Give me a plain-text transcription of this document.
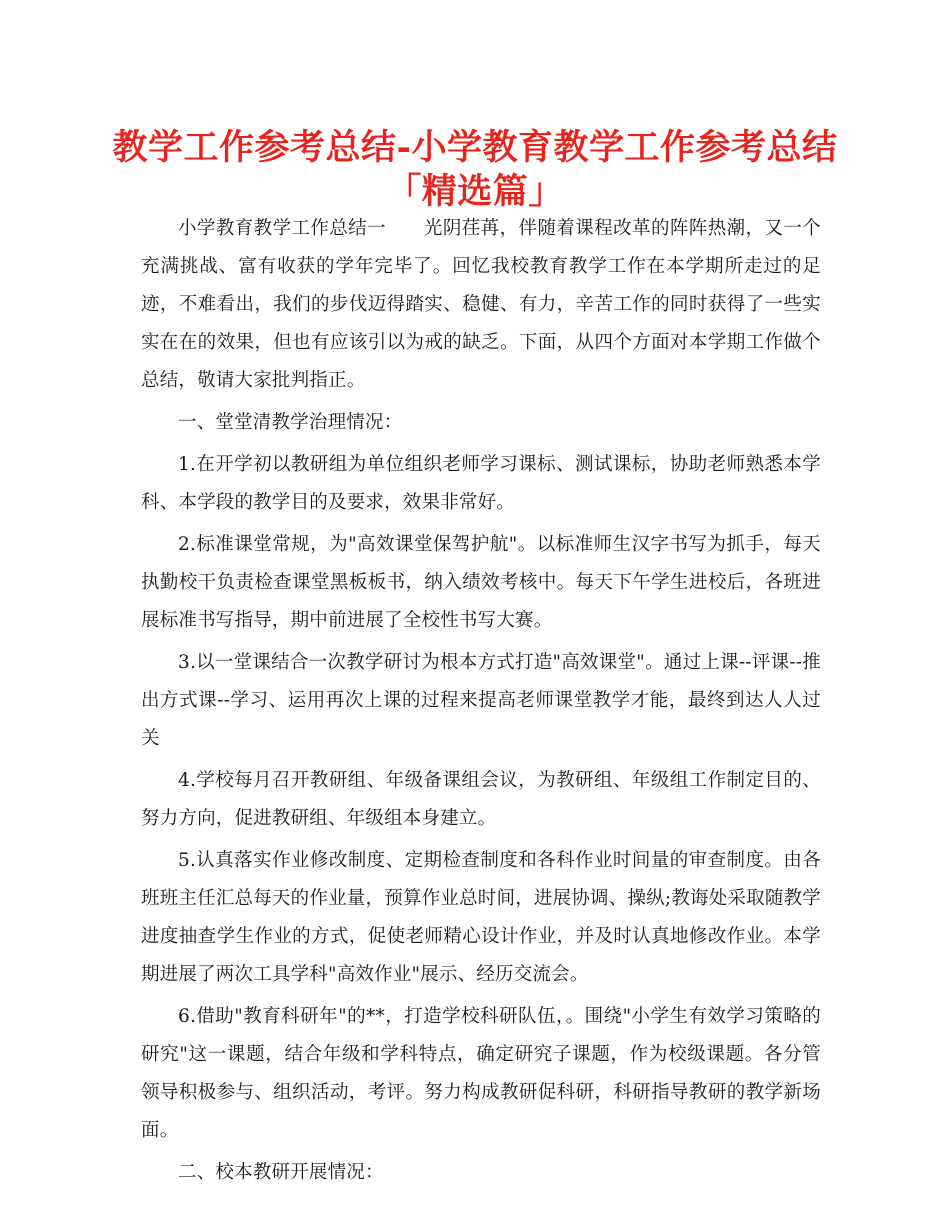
教学工作参考总结-小学教育教学工作参考总结
「精选篇」

小学教育教学工作总结一　　光阴荏苒，伴随着课程改革的阵阵热潮，又一个充满挑战、富有收获的学年完毕了。回忆我校教育教学工作在本学期所走过的足迹，不难看出，我们的步伐迈得踏实、稳健、有力，辛苦工作的同时获得了一些实实在在的效果，但也有应该引以为戒的缺乏。下面，从四个方面对本学期工作做个总结，敬请大家批判指正。

一、堂堂清教学治理情况：

1.在开学初以教研组为单位组织老师学习课标、测试课标，协助老师熟悉本学科、本学段的教学目的及要求，效果非常好。

2.标准课堂常规，为"高效课堂保驾护航"。以标准师生汉字书写为抓手，每天执勤校干负责检查课堂黑板板书，纳入绩效考核中。每天下午学生进校后，各班进展标准书写指导，期中前进展了全校性书写大赛。

3.以一堂课结合一次教学研讨为根本方式打造"高效课堂"。通过上课--评课--推出方式课--学习、运用再次上课的过程来提高老师课堂教学才能，最终到达人人过关

4.学校每月召开教研组、年级备课组会议，为教研组、年级组工作制定目的、努力方向，促进教研组、年级组本身建立。

5.认真落实作业修改制度、定期检查制度和各科作业时间量的审查制度。由各班班主任汇总每天的作业量，预算作业总时间，进展协调、操纵;教诲处采取随教学进度抽查学生作业的方式，促使老师精心设计作业，并及时认真地修改作业。本学期进展了两次工具学科"高效作业"展示、经历交流会。

6.借助"教育科研年"的**，打造学校科研队伍，。围绕"小学生有效学习策略的研究"这一课题，结合年级和学科特点，确定研究子课题，作为校级课题。各分管领导积极参与、组织活动，考评。努力构成教研促科研，科研指导教研的教学新场面。

二、校本教研开展情况：
